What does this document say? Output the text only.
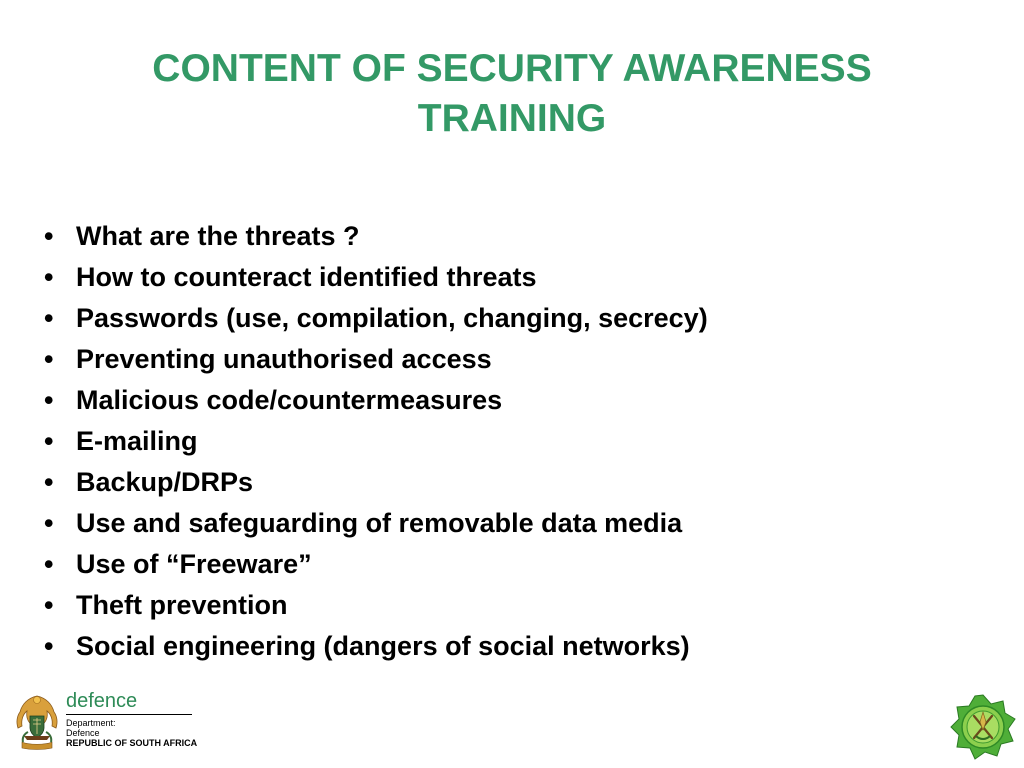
CONTENT OF SECURITY AWARENESS
TRAINING
• What are the threats ?
• How to counteract identified threats
• Passwords (use, compilation, changing, secrecy)
• Preventing unauthorised access
• Malicious code/countermeasures
• E-mailing
• Backup/DRPs
• Use and safeguarding of removable data media
• Use of “Freeware”
• Theft prevention
• Social engineering (dangers of social networks)
defence
Department:
Defence
REPUBLIC OF SOUTH AFRICA
